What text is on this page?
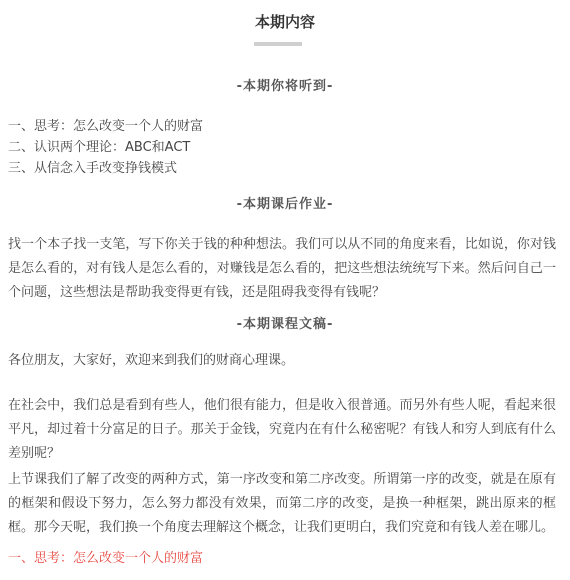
本期内容
-本期你将听到-
一、思考：怎么改变一个人的财富
二、认识两个理论：ABC和ACT
三、从信念入手改变挣钱模式
-本期课后作业-

找一个本子找一支笔，写下你关于钱的种种想法。我们可以从不同的角度来看，比如说，你对钱是怎么看的，对有钱人是怎么看的，对赚钱是怎么看的，把这些想法统统写下来。然后问自己一个问题，这些想法是帮助我变得更有钱，还是阻碍我变得有钱呢？

-本期课程文稿-

各位朋友，大家好，欢迎来到我们的财商心理课。

在社会中，我们总是看到有些人，他们很有能力，但是收入很普通。而另外有些人呢，看起来很平凡，却过着十分富足的日子。那关于金钱，究竟内在有什么秘密呢？有钱人和穷人到底有什么差别呢？

上节课我们了解了改变的两种方式，第一序改变和第二序改变。所谓第一序的改变，就是在原有的框架和假设下努力，怎么努力都没有效果，而第二序的改变，是换一种框架，跳出原来的框框。那今天呢，我们换一个角度去理解这个概念，让我们更明白，我们究竟和有钱人差在哪儿。

一、思考：怎么改变一个人的财富
